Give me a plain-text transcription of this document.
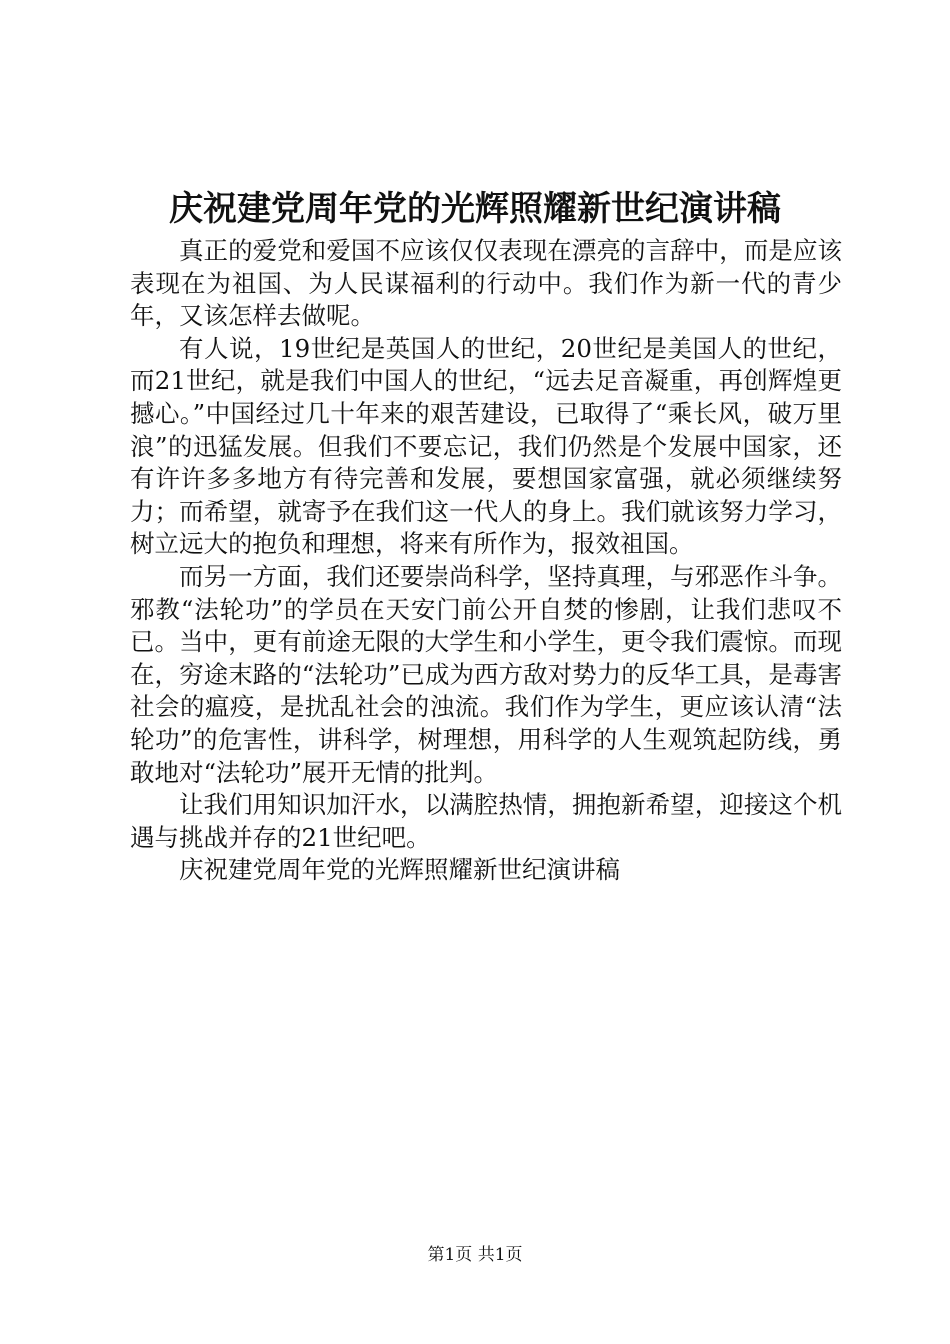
庆祝建党周年党的光辉照耀新世纪演讲稿

真正的爱党和爱国不应该仅仅表现在漂亮的言辞中，而是应该表现在为祖国、为人民谋福利的行动中。我们作为新一代的青少年，又该怎样去做呢。

有人说，19世纪是英国人的世纪，20世纪是美国人的世纪，而21世纪，就是我们中国人的世纪，“远去足音凝重，再创辉煌更撼心。”中国经过几十年来的艰苦建设，已取得了“乘长风，破万里浪”的迅猛发展。但我们不要忘记，我们仍然是个发展中国家，还有许许多多地方有待完善和发展，要想国家富强，就必须继续努力；而希望，就寄予在我们这一代人的身上。我们就该努力学习，树立远大的抱负和理想，将来有所作为，报效祖国。

而另一方面，我们还要崇尚科学，坚持真理，与邪恶作斗争。邪教“法轮功”的学员在天安门前公开自焚的惨剧，让我们悲叹不已。当中，更有前途无限的大学生和小学生，更令我们震惊。而现在，穷途末路的“法轮功”已成为西方敌对势力的反华工具，是毒害社会的瘟疫，是扰乱社会的浊流。我们作为学生，更应该认清“法轮功”的危害性，讲科学，树理想，用科学的人生观筑起防线，勇敢地对“法轮功”展开无情的批判。

让我们用知识加汗水，以满腔热情，拥抱新希望，迎接这个机遇与挑战并存的21世纪吧。

庆祝建党周年党的光辉照耀新世纪演讲稿

第1页 共1页
